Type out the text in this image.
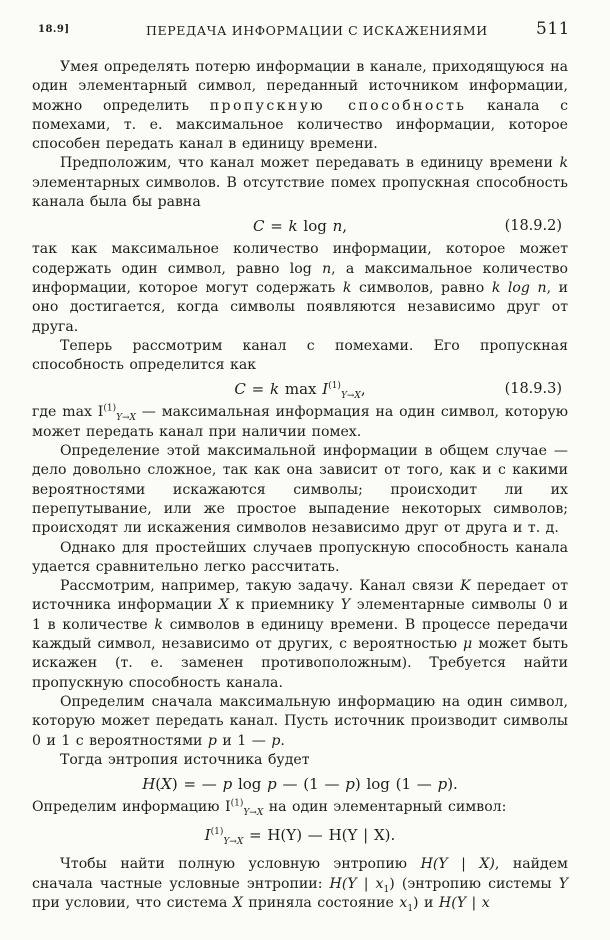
18.9]	ПЕРЕДАЧА ИНФОРМАЦИИ С ИСКАЖЕНИЯМИ	511

Умея определять потерю информации в канале, приходящуюся на один элементарный символ, переданный источником информации, можно определить пропускную способность канала с помехами, т. е. максимальное количество информации, которое способен передать канал в единицу времени.

Предположим, что канал может передавать в единицу времени k элементарных символов. В отсутствие помех пропускная способность канала была бы равна

C = k log n,	(18.9.2)

так как максимальное количество информации, которое может содержать один символ, равно log n, а максимальное количество информации, которое могут содержать k символов, равно k log n, и оно достигается, когда символы появляются независимо друг от друга.

Теперь рассмотрим канал с помехами. Его пропускная способность определится как

C = k $\max I^{(1)}_{Y\to X}$,	(18.9.3)

где $\max I^{(1)}_{Y\to X}$ — максимальная информация на один символ, которую может передать канал при наличии помех.

Определение этой максимальной информации в общем случае — дело довольно сложное, так как она зависит от того, как и с какими вероятностями искажаются символы; происходит ли их перепутывание, или же простое выпадение некоторых символов; происходят ли искажения символов независимо друг от друга и т. д.

Однако для простейших случаев пропускную способность канала удается сравнительно легко рассчитать.

Рассмотрим, например, такую задачу. Канал связи K передает от источника информации X к приемнику Y элементарные символы 0 и 1 в количестве k символов в единицу времени. В процессе передачи каждый символ, независимо от других, с вероятностью μ может быть искажен (т. е. заменен противоположным). Требуется найти пропускную способность канала.

Определим сначала максимальную информацию на один символ, которую может передать канал. Пусть источник производит символы 0 и 1 с вероятностями p и 1 — p.

Тогда энтропия источника будет

H(X) = — p log p — (1 — p) log (1 — p).

Определим информацию $I^{(1)}_{Y\to X}$ на один элементарный символ:

$I^{(1)}_{Y\to X} = H(Y)$ — H(Y | X).

Чтобы найти полную условную энтропию H(Y | X), найдем сначала частные условные энтропии: H(Y | $x_1$) (энтропию системы Y при условии, что система X приняла состояние $x_1$) и H(Y | x
